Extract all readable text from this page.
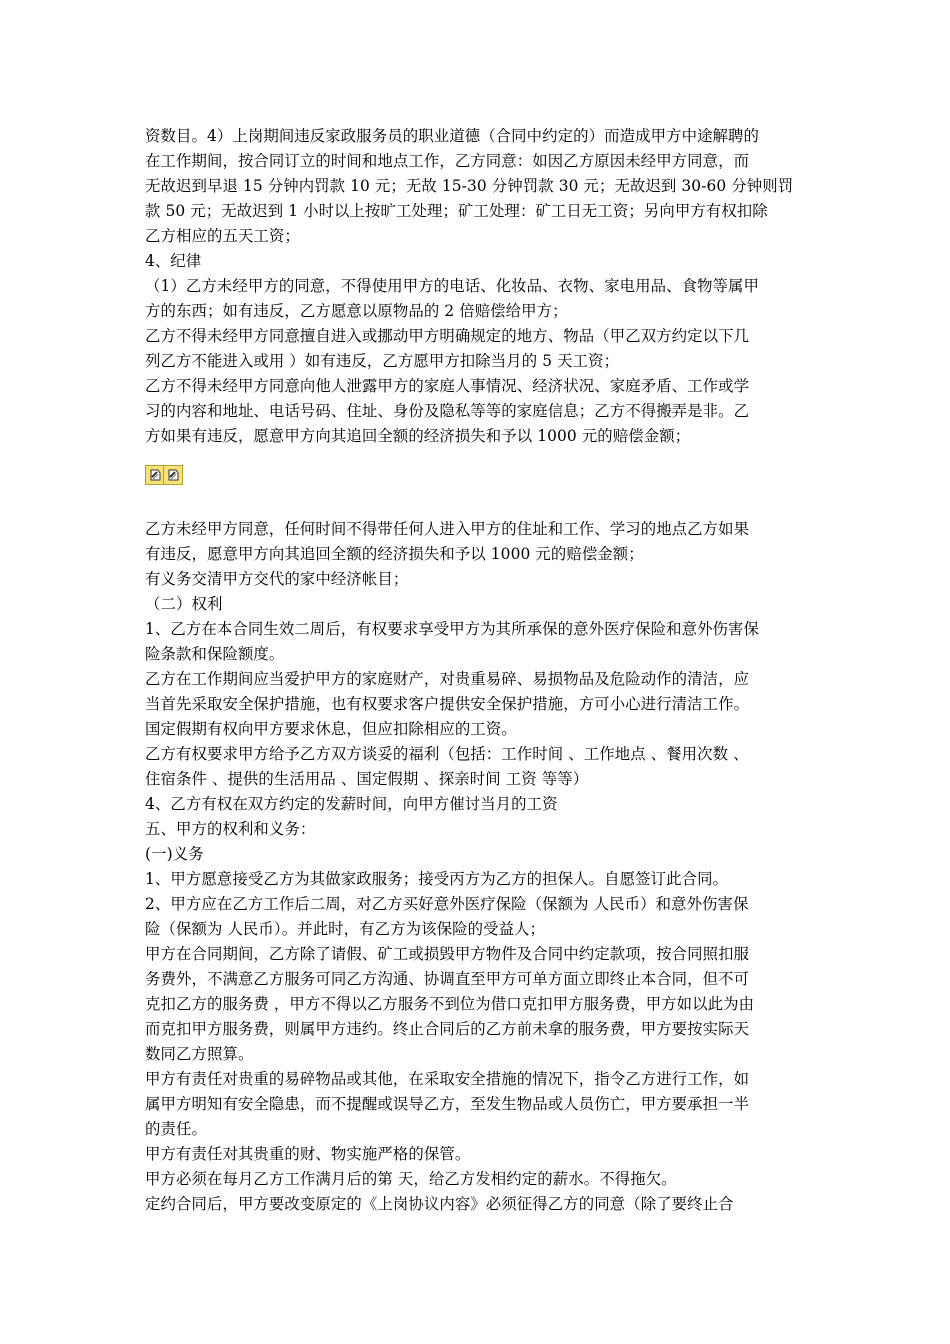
资数目。4）上岗期间违反家政服务员的职业道德（合同中约定的）而造成甲方中途解聘的
在工作期间，按合同订立的时间和地点工作，乙方同意：如因乙方原因未经甲方同意，而
无故迟到早退 15 分钟内罚款 10 元；无故 15-30 分钟罚款 30 元；无故迟到 30-60 分钟则罚
款 50 元；无故迟到 1 小时以上按旷工处理；矿工处理：矿工日无工资；另向甲方有权扣除
乙方相应的五天工资；
4、纪律
（1）乙方未经甲方的同意，不得使用甲方的电话、化妆品、衣物、家电用品、食物等属甲
方的东西；如有违反，乙方愿意以原物品的 2 倍赔偿给甲方；
乙方不得未经甲方同意擅自进入或挪动甲方明确规定的地方、物品（甲乙双方约定以下几
列乙方不能进入或用 ）如有违反，乙方愿甲方扣除当月的 5 天工资；
乙方不得未经甲方同意向他人泄露甲方的家庭人事情况、经济状况、家庭矛盾、工作或学
习的内容和地址、电话号码、住址、身份及隐私等等的家庭信息；乙方不得搬弄是非。乙
方如果有违反，愿意甲方向其追回全额的经济损失和予以 1000 元的赔偿金额；
乙方未经甲方同意，任何时间不得带任何人进入甲方的住址和工作、学习的地点乙方如果
有违反，愿意甲方向其追回全额的经济损失和予以 1000 元的赔偿金额；
有义务交清甲方交代的家中经济帐目；
（二）权利
1、乙方在本合同生效二周后，有权要求享受甲方为其所承保的意外医疗保险和意外伤害保
险条款和保险额度。
乙方在工作期间应当爱护甲方的家庭财产，对贵重易碎、易损物品及危险动作的清洁，应
当首先采取安全保护措施，也有权要求客户提供安全保护措施，方可小心进行清洁工作。
国定假期有权向甲方要求休息，但应扣除相应的工资。
乙方有权要求甲方给予乙方双方谈妥的福利（包括：工作时间 、工作地点 、餐用次数 、
住宿条件 、提供的生活用品 、国定假期 、探亲时间 工资 等等）
4、乙方有权在双方约定的发薪时间，向甲方催讨当月的工资
五、甲方的权利和义务：
(一)义务
1、甲方愿意接受乙方为其做家政服务；接受丙方为乙方的担保人。自愿签订此合同。
2、甲方应在乙方工作后二周，对乙方买好意外医疗保险（保额为 人民币）和意外伤害保
险（保额为 人民币）。并此时，有乙方为该保险的受益人；
甲方在合同期间，乙方除了请假、矿工或损毁甲方物件及合同中约定款项，按合同照扣服
务费外，不满意乙方服务可同乙方沟通、协调直至甲方可单方面立即终止本合同，但不可
克扣乙方的服务费 ，甲方不得以乙方服务不到位为借口克扣甲方服务费，甲方如以此为由
而克扣甲方服务费，则属甲方违约。终止合同后的乙方前未拿的服务费，甲方要按实际天
数同乙方照算。
甲方有责任对贵重的易碎物品或其他，在采取安全措施的情况下，指令乙方进行工作，如
属甲方明知有安全隐患，而不提醒或误导乙方，至发生物品或人员伤亡，甲方要承担一半
的责任。
甲方有责任对其贵重的财、物实施严格的保管。
甲方必须在每月乙方工作满月后的第 天，给乙方发相约定的薪水。不得拖欠。
定约合同后，甲方要改变原定的《上岗协议内容》必须征得乙方的同意（除了要终止合
